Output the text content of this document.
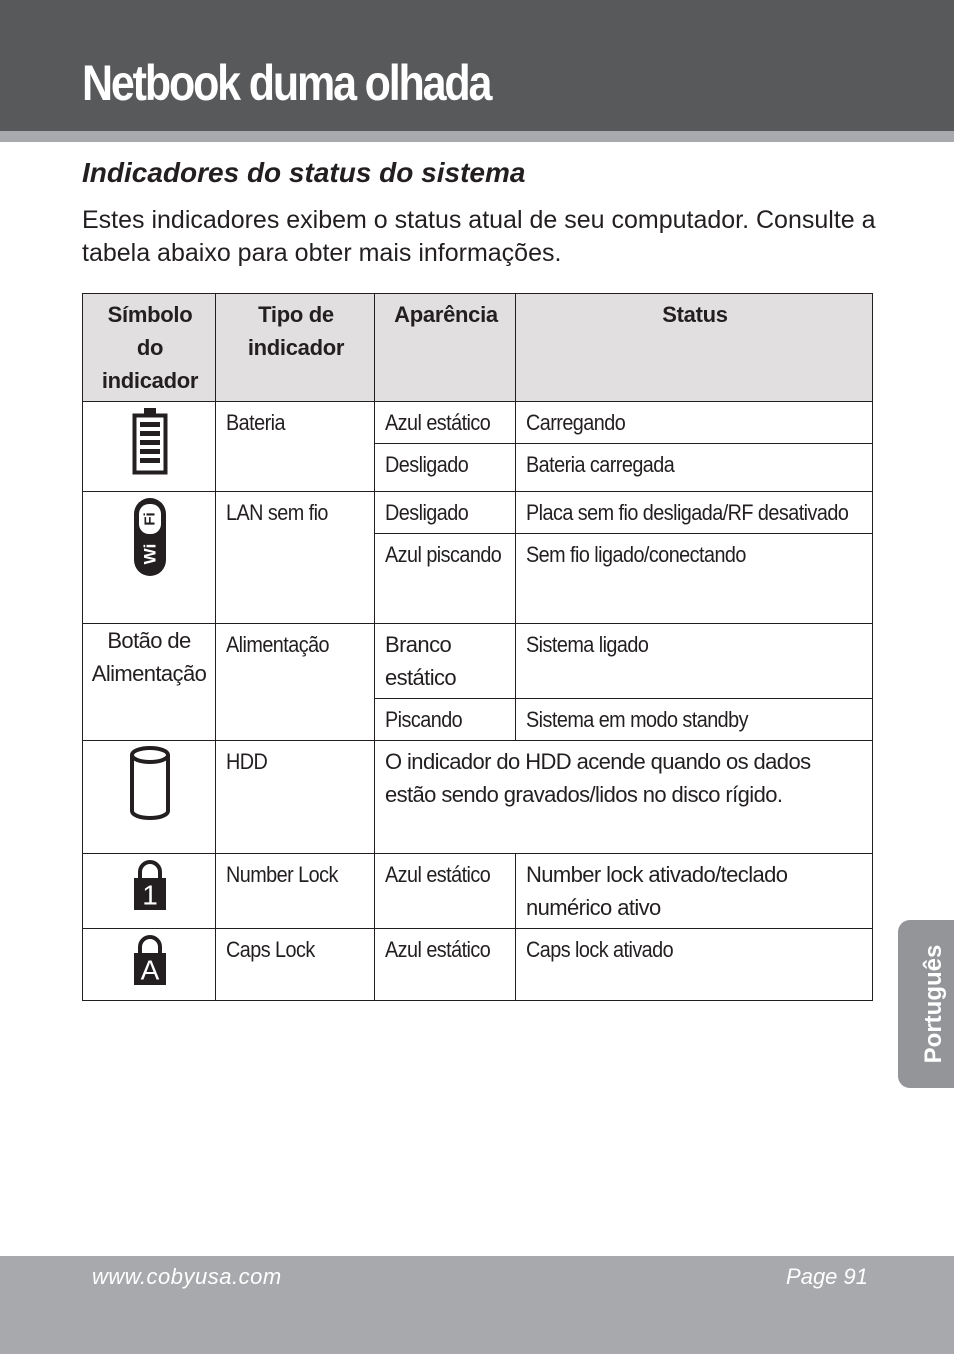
Netbook duma olhada
Indicadores do status do sistema

Estes indicadores exibem o status atual de seu computador. Consulte a tabela abaixo para obter mais informações.

Símbolo do indicador	Tipo de indicador	Aparência	Status
	Bateria	Azul estático	Carregando
		Desligado	Bateria carregada

Fi
Wi	LAN sem fio	Desligado	Placa sem fio desligada/RF desativado
		Azul piscando	Sem fio ligado/conectando

Botão de Alimentação	Alimentação	Branco estático	Sistema ligado
		Piscando	Sistema em modo standby
	HDD	O indicador do HDD acende quando os dados estão sendo gravados/lidos no disco rígido.	

1	Number Lock	Azul estático	Number lock ativado/teclado numérico ativo

A	Caps Lock	Azul estático	Caps lock ativado	Português
www.cobyusa.com	Page 91
